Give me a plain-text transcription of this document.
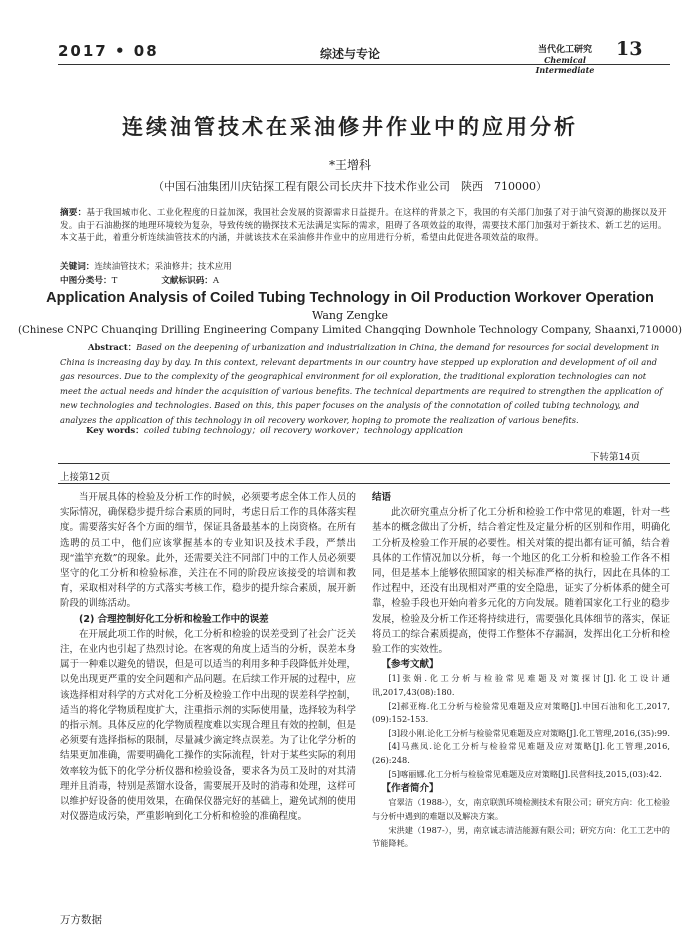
2017 • 08	综述与专论	当代化工研究
Chemical Intermediate
13
连续油管技术在采油修井作业中的应用分析
*王增科
（中国石油集团川庆钻探工程有限公司长庆井下技术作业公司　陕西　710000）
摘要：基于我国城市化、工业化程度的日益加深，我国社会发展的资源需求日益提升。在这样的背景之下，我国的有关部门加强了对于油气资源的勘探以及开发。由于石油勘探的地理环境较为复杂，导致传统的勘探技术无法满足实际的需求，阻碍了各项效益的取得，需要技术部门加强对于新技术、新工艺的运用。本文基于此，着重分析连续油管技术的内涵，并就该技术在采油修井作业中的应用进行分析，希望由此促进各项效益的取得。
关键词：连续油管技术；采油修井；技术应用
中图分类号：T	文献标识码：A
Application Analysis of Coiled Tubing Technology in Oil Production Workover Operation
Wang Zengke
(Chinese CNPC Chuanqing Drilling Engineering Company Limited Changqing Downhole Technology Company, Shaanxi,710000)
Abstract：Based on the deepening of urbanization and industrialization in China, the demand for resources for social development in China is increasing day by day. In this context, relevant departments in our country have stepped up exploration and development of oil and gas resources. Due to the complexity of the geographical environment for oil exploration, the traditional exploration technologies can not meet the actual needs and hinder the acquisition of various benefits. The technical departments are required to strengthen the application of new technologies and technologies. Based on this, this paper focuses on the analysis of the connotation of coiled tubing technology, and analyzes the application of this technology in oil recovery workover, hoping to promote the realization of various benefits.
Key words：coiled tubing technology；oil recovery workover；technology application
下转第14页
上接第12页

当开展具体的检验及分析工作的时候，必须要考虑全体工作人员的实际情况，确保稳步提升综合素质的同时，考虑日后工作的具体落实程度。需要落实好各个方面的细节，保证具备最基本的上岗资格。在所有选聘的员工中，他们应该掌握基本的专业知识及技术手段，严禁出现“滥竽充数”的现象。此外，还需要关注不同部门中的工作人员必须要坚守的化工分析和检验标准，关注在不同的阶段应该接受的培训和教育，采取相对科学的方式落实考核工作，稳步的提升综合素质，展开新阶段的训练活动。

(2) 合理控制好化工分析和检验工作中的误差

在开展此项工作的时候，化工分析和检验的误差受到了社会广泛关注，在业内也引起了热烈讨论。在客观的角度上适当的分析，误差本身属于一种难以避免的错误，但是可以适当的利用多种手段降低并处理，以免出现更严重的安全问题和产品问题。在后续工作开展的过程中，应该选择相对科学的方式对化工分析及检验工作中出现的误差科学控制，适当的将化学物质程度扩大，注重指示剂的实际使用量，选择较为科学的指示剂。具体反应的化学物质程度难以实现合理且有效的控制，但是必须要有选择指标的限制，尽量减少滴定终点误差。为了让化学分析的结果更加准确，需要明确化工操作的实际流程，针对于某些实际的利用效率较为低下的化学分析仪器和检验设备，要求各为员工及时的对其清理并且消毒，特别是蒸馏水设备，需要展开及时的消毒和处理，这样可以维护好设备的使用效果，在确保仪器完好的基础上，避免试剂的使用对仪器造成污染，严重影响到化工分析和检验的准确程度。

结语

此次研究重点分析了化工分析和检验工作中常见的难题，针对一些基本的概念做出了分析，结合着定性及定量分析的区别和作用，明确化工分析及检验工作开展的必要性。相关对策的提出都有证可循，结合着具体的工作情况加以分析，每一个地区的化工分析和检验工作各不相同，但是基本上能够依照国家的相关标准严格的执行，因此在具体的工作过程中，还没有出现相对严重的安全隐患，证实了分析体系的健全可靠，检验手段也开始向着多元化的方向发展。随着国家化工行业的稳步发展，检验及分析工作还将持续进行，需要强化具体细节的落实，保证将员工的综合素质提高，使得工作整体不存漏洞，发挥出化工分析和检验工作的实效性。

【参考文献】

[1]张娟.化工分析与检验常见难题及对策探讨[J].化工设计通讯,2017,43(08):180.

[2]郝亚梅.化工分析与检验常见难题及应对策略[J].中国石油和化工,2017,(09):152-153.

[3]段小刚.论化工分析与检验常见难题及应对策略[J].化工管理,2016,(35):99.

[4]马燕凤.论化工分析与检验常见难题及应对策略[J].化工管理,2016,(26):248.

[5]喀丽娜.化工分析与检验常见难题及应对策略[J].民营科技,2015,(03):42.

【作者简介】

官翠洁（1988-），女，南京联凯环境检测技术有限公司；研究方向：化工检验与分析中遇到的难题以及解决方案。

宋洪建（1987-），男，南京诚志清洁能源有限公司；研究方向：化工工艺中的节能降耗。

万方数据
